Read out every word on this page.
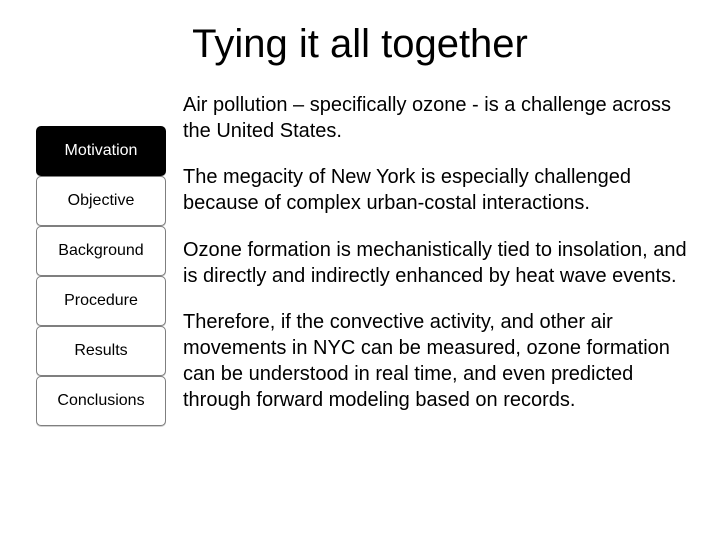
Tying it all together
Motivation
Objective
Background
Procedure
Results
Conclusions

Air pollution – specifically ozone - is a challenge across the United States.

The megacity of New York is especially challenged because of complex urban-costal interactions.

Ozone formation is mechanistically tied to insolation, and is directly and indirectly enhanced by heat wave events.

Therefore, if the convective activity, and other air movements in NYC can be measured, ozone formation can be understood in real time, and even predicted through forward modeling based on records.
